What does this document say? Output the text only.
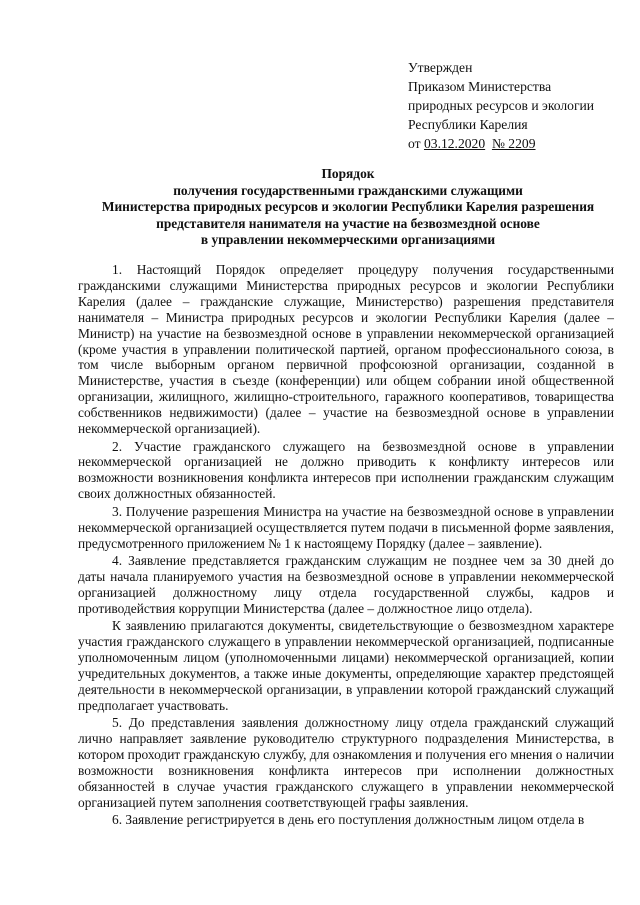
Утвержден
Приказом Министерства
природных ресурсов и экологии
Республики Карелия
от 03.12.2020 № 2209
Порядок
получения государственными гражданскими служащими
Министерства природных ресурсов и экологии Республики Карелия разрешения
представителя нанимателя на участие на безвозмездной основе
в управлении некоммерческими организациями

1. Настоящий Порядок определяет процедуру получения государственными гражданскими служащими Министерства природных ресурсов и экологии Республики Карелия (далее – гражданские служащие, Министерство) разрешения представителя нанимателя – Министра природных ресурсов и экологии Республики Карелия (далее – Министр) на участие на безвозмездной основе в управлении некоммерческой организацией (кроме участия в управлении политической партией, органом профессионального союза, в том числе выборным органом первичной профсоюзной организации, созданной в Министерстве, участия в съезде (конференции) или общем собрании иной общественной организации, жилищного, жилищно-строительного, гаражного кооперативов, товарищества собственников недвижимости) (далее – участие на безвозмездной основе в управлении некоммерческой организацией).

2. Участие гражданского служащего на безвозмездной основе в управлении некоммерческой организацией не должно приводить к конфликту интересов или возможности возникновения конфликта интересов при исполнении гражданским служащим своих должностных обязанностей.

3. Получение разрешения Министра на участие на безвозмездной основе в управлении некоммерческой организацией осуществляется путем подачи в письменной форме заявления, предусмотренного приложением № 1 к настоящему Порядку (далее – заявление).

4. Заявление представляется гражданским служащим не позднее чем за 30 дней до даты начала планируемого участия на безвозмездной основе в управлении некоммерческой организацией должностному лицу отдела государственной службы, кадров и противодействия коррупции Министерства (далее – должностное лицо отдела).

К заявлению прилагаются документы, свидетельствующие о безвозмездном характере участия гражданского служащего в управлении некоммерческой организацией, подписанные уполномоченным лицом (уполномоченными лицами) некоммерческой организацией, копии учредительных документов, а также иные документы, определяющие характер предстоящей деятельности в некоммерческой организации, в управлении которой гражданский служащий предполагает участвовать.

5. До представления заявления должностному лицу отдела гражданский служащий лично направляет заявление руководителю структурного подразделения Министерства, в котором проходит гражданскую службу, для ознакомления и получения его мнения о наличии возможности возникновения конфликта интересов при исполнении должностных обязанностей в случае участия гражданского служащего в управлении некоммерческой организацией путем заполнения соответствующей графы заявления.

6. Заявление регистрируется в день его поступления должностным лицом отдела в
